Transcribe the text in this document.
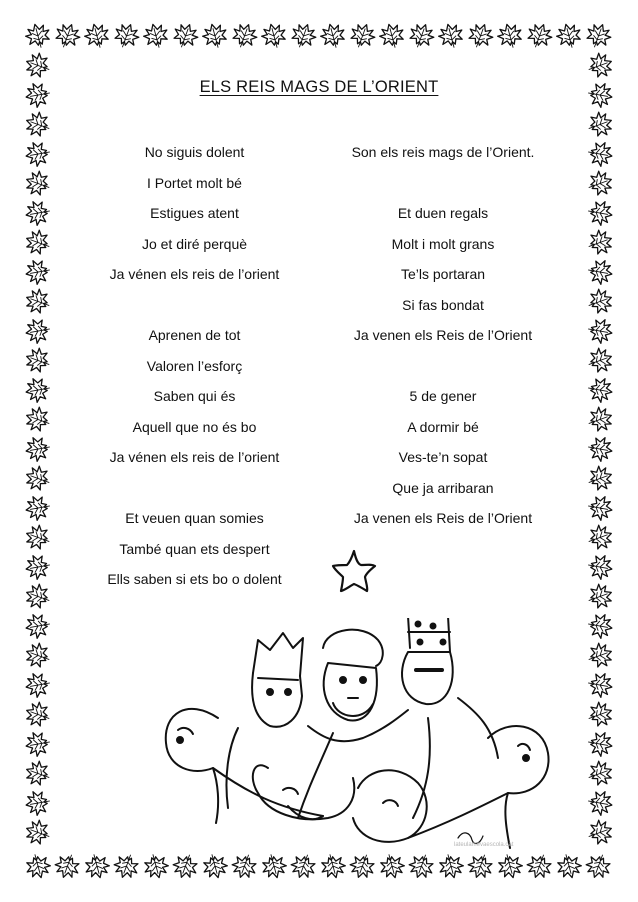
ELS REIS MAGS DE L’ORIENT
No siguis dolent
I Portet molt bé
Estigues atent
Jo et diré perquè
Ja vénen els reis de l’orient
Aprenen de tot
Valoren l’esforç
Saben qui és
Aquell que no és bo
Ja vénen els reis de l’orient
Et veuen quan somies
També quan ets despert
Ells saben si ets bo o dolent
Son els reis mags de l’Orient.
Et duen regals
Molt i molt grans
Te’ls portaran
Si fas bondat
Ja venen els Reis de l’Orient
5 de gener
A dormir bé
Ves-te’n sopat
Que ja arribaran
Ja venen els Reis de l’Orient
lateulamevaescola.cat
